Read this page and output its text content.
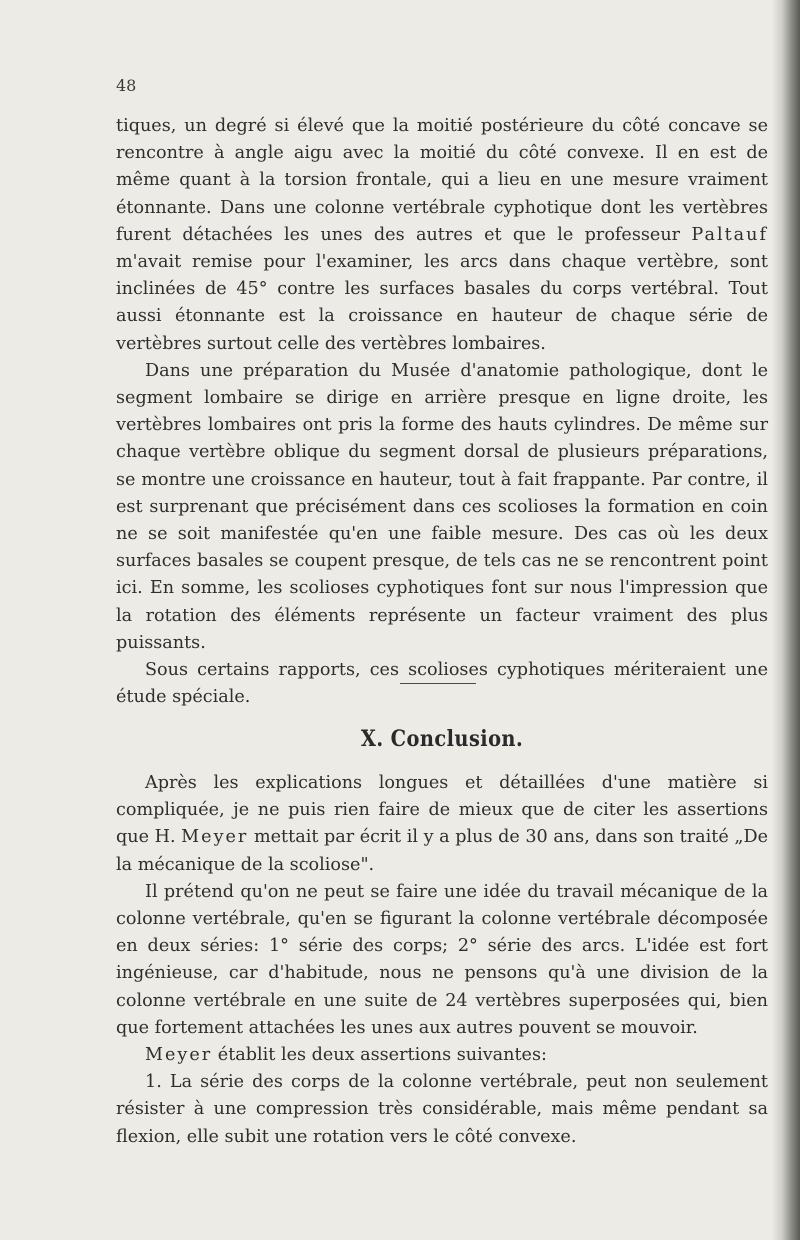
48

tiques, un degré si élevé que la moitié postérieure du côté concave se rencontre à angle aigu avec la moitié du côté convexe. Il en est de même quant à la torsion frontale, qui a lieu en une mesure vraiment étonnante. Dans une colonne vertébrale cyphotique dont les vertèbres furent détachées les unes des autres et que le professeur Paltauf m'avait remise pour l'examiner, les arcs dans chaque vertèbre, sont inclinées de 45° contre les surfaces basales du corps vertébral. Tout aussi étonnante est la croissance en hauteur de chaque série de vertèbres surtout celle des vertèbres lombaires.

Dans une préparation du Musée d'anatomie pathologique, dont le segment lombaire se dirige en arrière presque en ligne droite, les vertèbres lombaires ont pris la forme des hauts cylindres. De même sur chaque vertèbre oblique du segment dorsal de plusieurs préparations, se montre une croissance en hauteur, tout à fait frappante. Par contre, il est surprenant que précisément dans ces scolioses la formation en coin ne se soit manifestée qu'en une faible mesure. Des cas où les deux surfaces basales se coupent presque, de tels cas ne se rencontrent point ici. En somme, les scolioses cyphotiques font sur nous l'impression que la rotation des éléments représente un facteur vraiment des plus puissants.

Sous certains rapports, ces scolioses cyphotiques mériteraient une étude spéciale.

X. Conclusion.

Après les explications longues et détaillées d'une matière si compliquée, je ne puis rien faire de mieux que de citer les assertions que H. Meyer mettait par écrit il y a plus de 30 ans, dans son traité „De la mécanique de la scoliose".

Il prétend qu'on ne peut se faire une idée du travail mécanique de la colonne vertébrale, qu'en se figurant la colonne vertébrale décomposée en deux séries: 1° série des corps; 2° série des arcs. L'idée est fort ingénieuse, car d'habitude, nous ne pensons qu'à une division de la colonne vertébrale en une suite de 24 vertèbres superposées qui, bien que fortement attachées les unes aux autres pouvent se mouvoir.

Meyer établit les deux assertions suivantes:

1. La série des corps de la colonne vertébrale, peut non seulement résister à une compression très considérable, mais même pendant sa flexion, elle subit une rotation vers le côté convexe.
